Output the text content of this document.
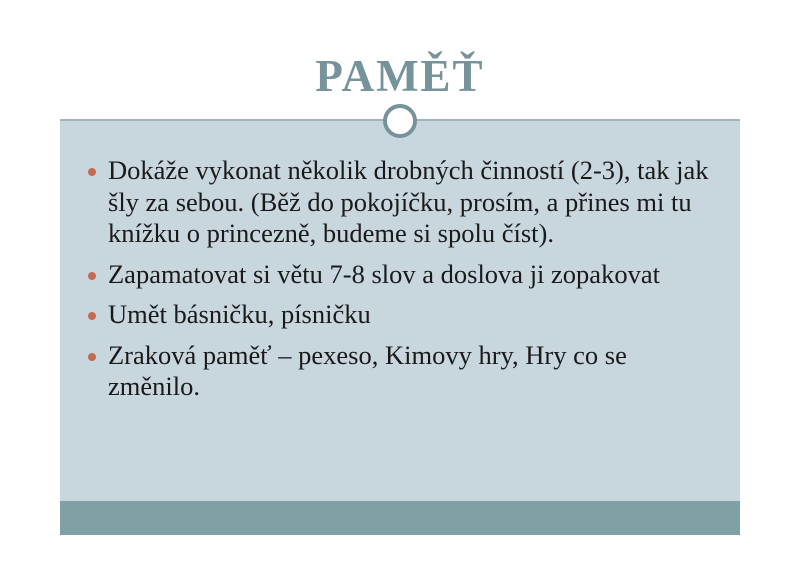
PAMĚŤ
Dokáže vykonat několik drobných činností (2-3), tak jak šly za sebou. (Běž do pokojíčku, prosím, a přines mi tu knížku o princezně, budeme si spolu číst).
Zapamatovat si větu 7-8 slov a doslova ji zopakovat
Umět básničku, písničku
Zraková paměť – pexeso, Kimovy hry, Hry co se změnilo.
